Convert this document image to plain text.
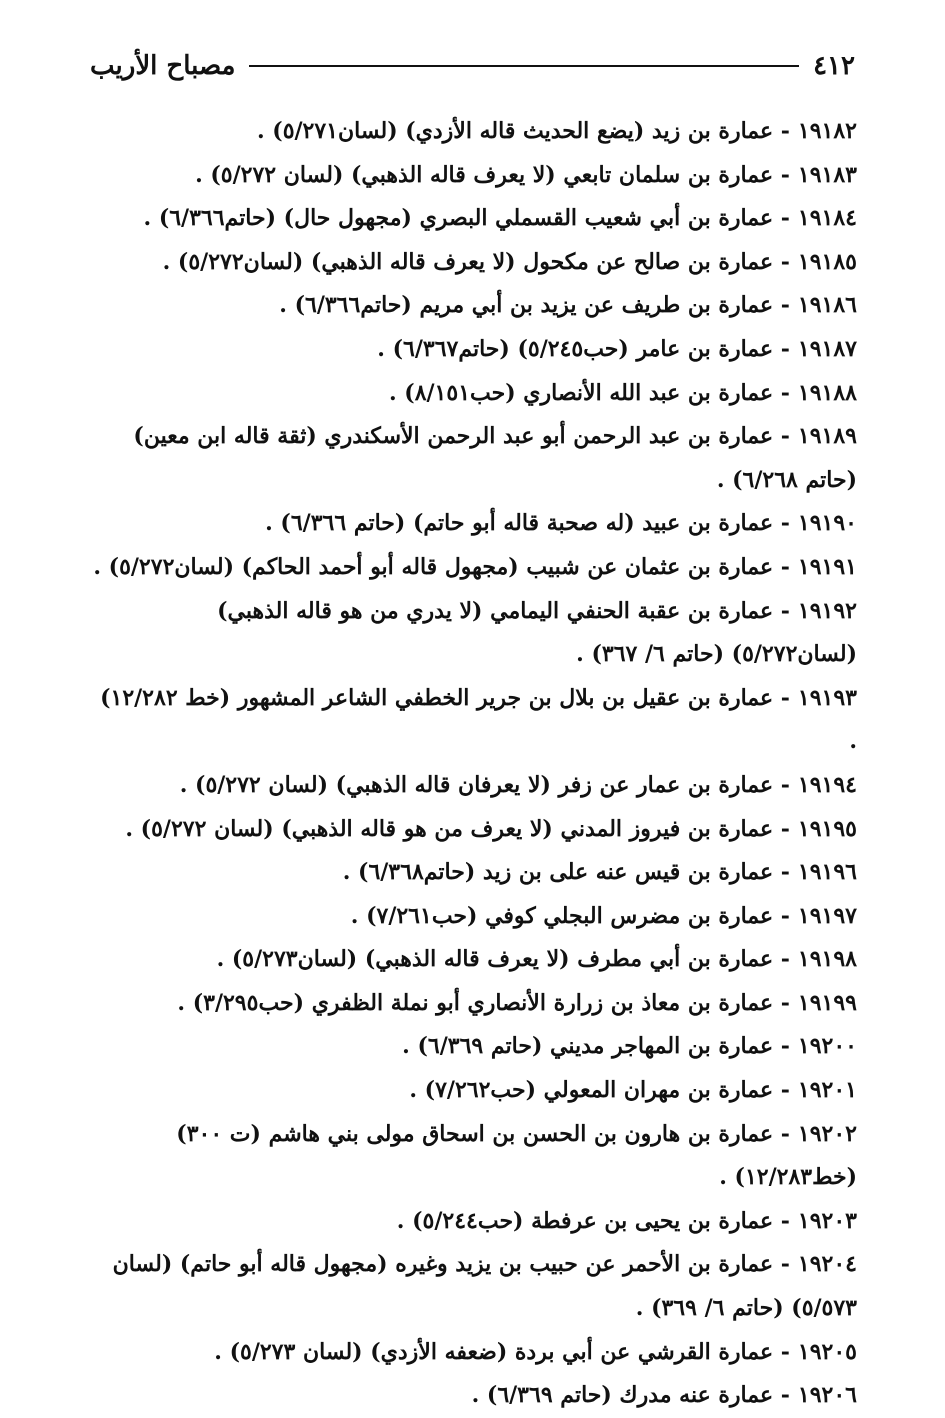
٤١٢
مصباح الأريب

١٩١٨٢- عمارة بن زيد (يضع الحديث قاله الأزدي) (لسان٥/٢٧١) .

١٩١٨٣- عمارة بن سلمان تابعي (لا يعرف قاله الذهبي) (لسان ٥/٢٧٢) .

١٩١٨٤- عمارة بن أبي شعيب القسملي البصري (مجهول حال) (حاتم٦/٣٦٦) .

١٩١٨٥- عمارة بن صالح عن مكحول (لا يعرف قاله الذهبي) (لسان٥/٢٧٢) .

١٩١٨٦- عمارة بن طريف عن يزيد بن أبي مريم (حاتم٦/٣٦٦) .

١٩١٨٧- عمارة بن عامر (حب٥/٢٤٥) (حاتم٦/٣٦٧) .

١٩١٨٨- عمارة بن عبد الله الأنصاري (حب٨/١٥١) .

١٩١٨٩- عمارة بن عبد الرحمن أبو عبد الرحمن الأسكندري (ثقة قاله ابن معين) (حاتم ٦/٢٦٨) .

١٩١٩٠- عمارة بن عبيد (له صحبة قاله أبو حاتم) (حاتم ٦/٣٦٦) .

١٩١٩١- عمارة بن عثمان عن شبيب (مجهول قاله أبو أحمد الحاكم) (لسان٥/٢٧٢) .

١٩١٩٢- عمارة بن عقبة الحنفي اليمامي (لا يدري من هو قاله الذهبي) (لسان٥/٢٧٢) (حاتم ٦/ ٣٦٧) .

١٩١٩٣- عمارة بن عقيل بن بلال بن جرير الخطفي الشاعر المشهور (خط ١٢/٢٨٢) .

١٩١٩٤- عمارة بن عمار عن زفر (لا يعرفان قاله الذهبي) (لسان ٥/٢٧٢) .

١٩١٩٥- عمارة بن فيروز المدني (لا يعرف من هو قاله الذهبي) (لسان ٥/٢٧٢) .

١٩١٩٦- عمارة بن قيس عنه على بن زيد (حاتم٦/٣٦٨) .

١٩١٩٧- عمارة بن مضرس البجلي كوفي (حب٧/٢٦١) .

١٩١٩٨- عمارة بن أبي مطرف (لا يعرف قاله الذهبي) (لسان٥/٢٧٣) .

١٩١٩٩- عمارة بن معاذ بن زرارة الأنصاري أبو نملة الظفري (حب٣/٢٩٥) .

١٩٢٠٠- عمارة بن المهاجر مديني (حاتم ٦/٣٦٩) .

١٩٢٠١- عمارة بن مهران المعولي (حب٧/٢٦٢) .

١٩٢٠٢- عمارة بن هارون بن الحسن بن اسحاق مولى بني هاشم (ت ٣٠٠) (خط١٢/٢٨٣) .

١٩٢٠٣- عمارة بن يحيى بن عرفطة (حب٥/٢٤٤) .

١٩٢٠٤- عمارة بن الأحمر عن حبيب بن يزيد وغيره (مجهول قاله أبو حاتم) (لسان ٥/٥٧٣) (حاتم ٦/ ٣٦٩) .

١٩٢٠٥- عمارة القرشي عن أبي بردة (ضعفه الأزدي) (لسان ٥/٢٧٣) .

١٩٢٠٦- عمارة عنه مدرك (حاتم ٦/٣٦٩) .
